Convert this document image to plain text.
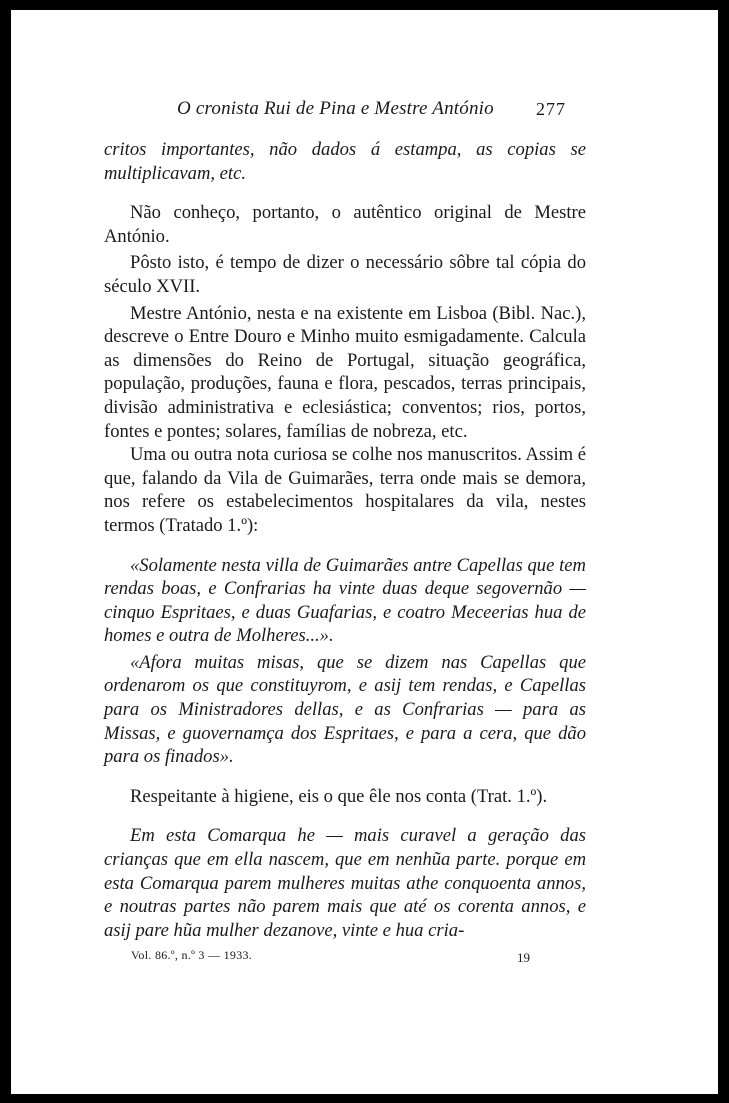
O cronista Rui de Pina e Mestre António 277

critos importantes, não dados á estampa, as copias se multiplicavam, etc.

Não conheço, portanto, o autêntico original de Mestre António.

Pôsto isto, é tempo de dizer o necessário sôbre tal cópia do século XVII.

Mestre António, nesta e na existente em Lisboa (Bibl. Nac.), descreve o Entre Douro e Minho muito esmigadamente. Calcula as dimensões do Reino de Portugal, situação geográfica, população, produções, fauna e flora, pescados, terras principais, divisão administrativa e eclesiástica; conventos; rios, portos, fontes e pontes; solares, famílias de nobreza, etc.

Uma ou outra nota curiosa se colhe nos manuscritos. Assim é que, falando da Vila de Guimarães, terra onde mais se demora, nos refere os estabelecimentos hospitalares da vila, nestes termos (Tratado 1.º):

«Solamente nesta villa de Guimarães antre Capellas que tem rendas boas, e Confrarias ha vinte duas deque segovernão — cinquo Espritaes, e duas Guafarias, e coatro Meceerias hua de homes e outra de Molheres...».

«Afora muitas misas, que se dizem nas Capellas que ordenarom os que constituyrom, e asij tem rendas, e Capellas para os Ministradores dellas, e as Confrarias — para as Missas, e guovernamça dos Espritaes, e para a cera, que dão para os finados».

Respeitante à higiene, eis o que êle nos conta (Trat. 1.º).

Em esta Comarqua he — mais curavel a geração das crianças que em ella nascem, que em nenhũa parte. porque em esta Comarqua parem mulheres muitas athe conquoenta annos, e noutras partes não parem mais que até os corenta annos, e asij pare hũa mulher dezanove, vinte e hua cria-

Vol. 86.º, n.º 3 — 1933.	19
